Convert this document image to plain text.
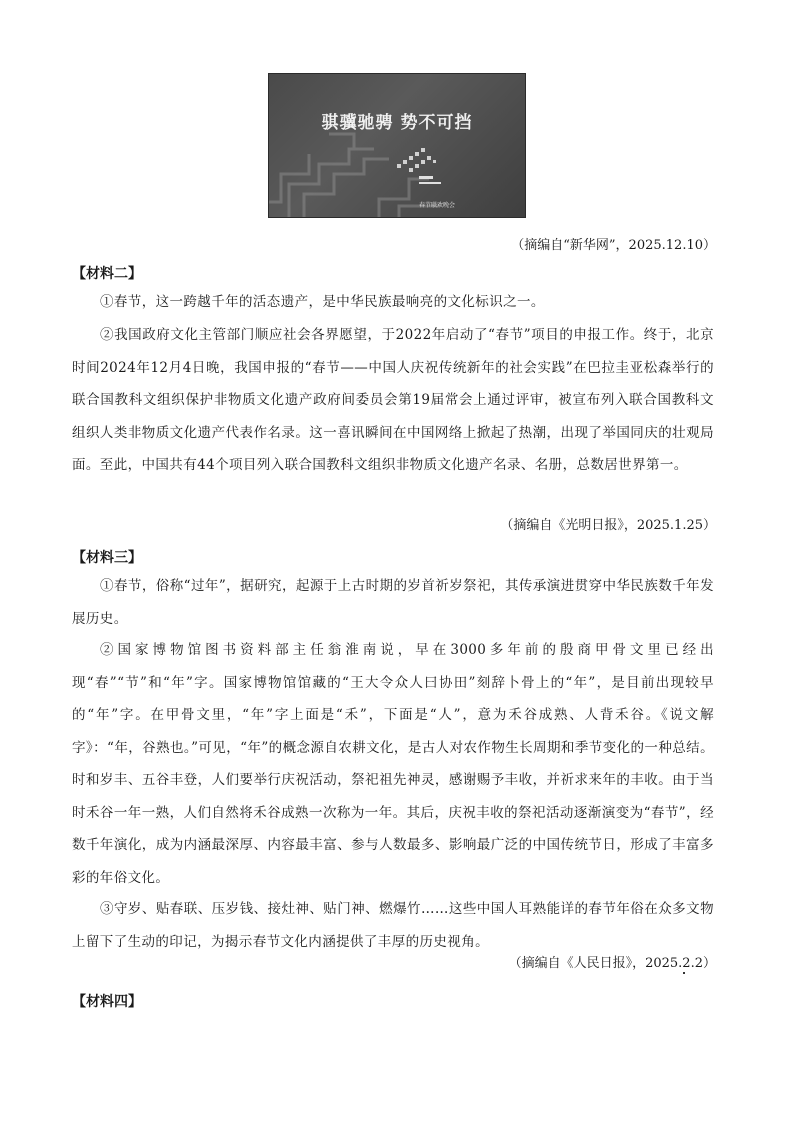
骐骥驰骋 势不可挡
春节联欢晚会
（摘编自“新华网”，2025.12.10）
【材料二】
①春节，这一跨越千年的活态遗产，是中华民族最响亮的文化标识之一。
②我国政府文化主管部门顺应社会各界愿望，于2022年启动了“春节”项目的申报工作。终于，北京时间2024年12月4日晚，我国申报的“春节——中国人庆祝传统新年的社会实践”在巴拉圭亚松森举行的联合国教科文组织保护非物质文化遗产政府间委员会第19届常会上通过评审，被宣布列入联合国教科文组织人类非物质文化遗产代表作名录。这一喜讯瞬间在中国网络上掀起了热潮，出现了举国同庆的壮观局面。至此，中国共有44个项目列入联合国教科文组织非物质文化遗产名录、名册，总数居世界第一。
（摘编自《光明日报》，2025.1.25）
【材料三】
①春节，俗称“过年”，据研究，起源于上古时期的岁首祈岁祭祀，其传承演进贯穿中华民族数千年发展历史。
②国家博物馆图书资料部主任翁淮南说，早在3000多年前的殷商甲骨文里已经出现“春”“节”和“年”字。国家博物馆馆藏的“王大令众人曰协田”刻辞卜骨上的“年”，是目前出现较早的“年”字。在甲骨文里，“年”字上面是“禾”，下面是“人”，意为禾谷成熟、人背禾谷。《说文解字》：“年，谷熟也。”可见，“年”的概念源自农耕文化，是古人对农作物生长周期和季节变化的一种总结。时和岁丰、五谷丰登，人们要举行庆祝活动，祭祀祖先神灵，感谢赐予丰收，并祈求来年的丰收。由于当时禾谷一年一熟，人们自然将禾谷成熟一次称为一年。其后，庆祝丰收的祭祀活动逐渐演变为“春节”，经数千年演化，成为内涵最深厚、内容最丰富、参与人数最多、影响最广泛的中国传统节日，形成了丰富多彩的年俗文化。
③守岁、贴春联、压岁钱、接灶神、贴门神、燃爆竹……这些中国人耳熟能详的春节年俗在众多文物上留下了生动的印记，为揭示春节文化内涵提供了丰厚的历史视角。
（摘编自《人民日报》，2025.2.2）
【材料四】
